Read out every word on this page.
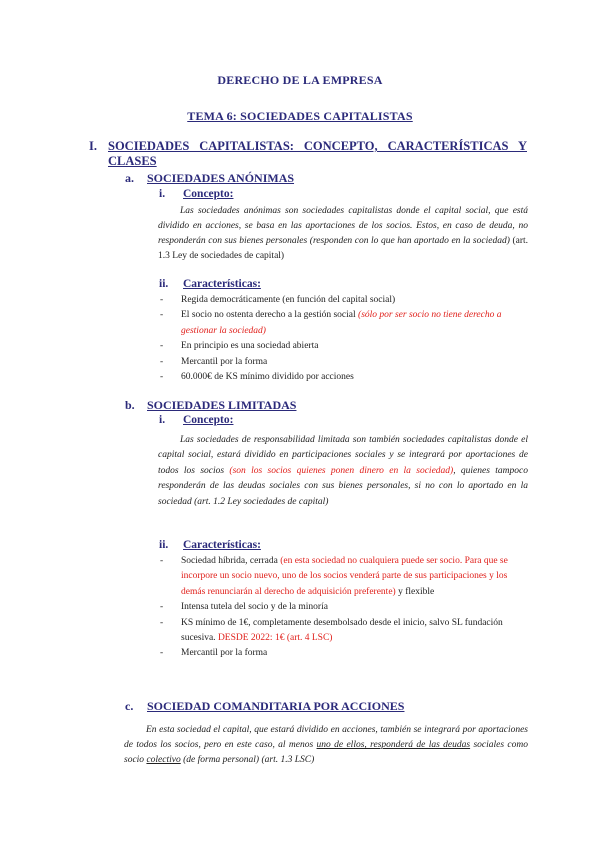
DERECHO DE LA EMPRESA
TEMA 6: SOCIEDADES CAPITALISTAS
I. SOCIEDADES CAPITALISTAS: CONCEPTO, CARACTERÍSTICAS Y
CLASES
a. SOCIEDADES ANÓNIMAS
i. Concepto:
Las sociedades anónimas son sociedades capitalistas donde el capital social, que está dividido en acciones, se basa en las aportaciones de los socios. Estos, en caso de deuda, no responderán con sus bienes personales (responden con lo que han aportado en la sociedad) (art. 1.3 Ley de sociedades de capital)
ii. Características:
- Regida democráticamente (en función del capital social)
- El socio no ostenta derecho a la gestión social (sólo por ser socio no tiene derecho a gestionar la sociedad)
- En principio es una sociedad abierta
- Mercantil por la forma
- 60.000€ de KS mínimo dividido por acciones
b. SOCIEDADES LIMITADAS
i. Concepto:
Las sociedades de responsabilidad limitada son también sociedades capitalistas donde el capital social, estará dividido en participaciones sociales y se integrará por aportaciones de todos los socios (son los socios quienes ponen dinero en la sociedad), quienes tampoco responderán de las deudas sociales con sus bienes personales, si no con lo aportado en la sociedad (art. 1.2 Ley sociedades de capital)
ii. Características:
- Sociedad híbrida, cerrada (en esta sociedad no cualquiera puede ser socio. Para que se incorpore un socio nuevo, uno de los socios venderá parte de sus participaciones y los demás renunciarán al derecho de adquisición preferente) y flexible
- Intensa tutela del socio y de la minoría
- KS mínimo de 1€, completamente desembolsado desde el inicio, salvo SL fundación sucesiva. DESDE 2022: 1€ (art. 4 LSC)
- Mercantil por la forma
c. SOCIEDAD COMANDITARIA POR ACCIONES
En esta sociedad el capital, que estará dividido en acciones, también se integrará por aportaciones de todos los socios, pero en este caso, al menos uno de ellos, responderá de las deudas sociales como socio colectivo (de forma personal) (art. 1.3 LSC)
